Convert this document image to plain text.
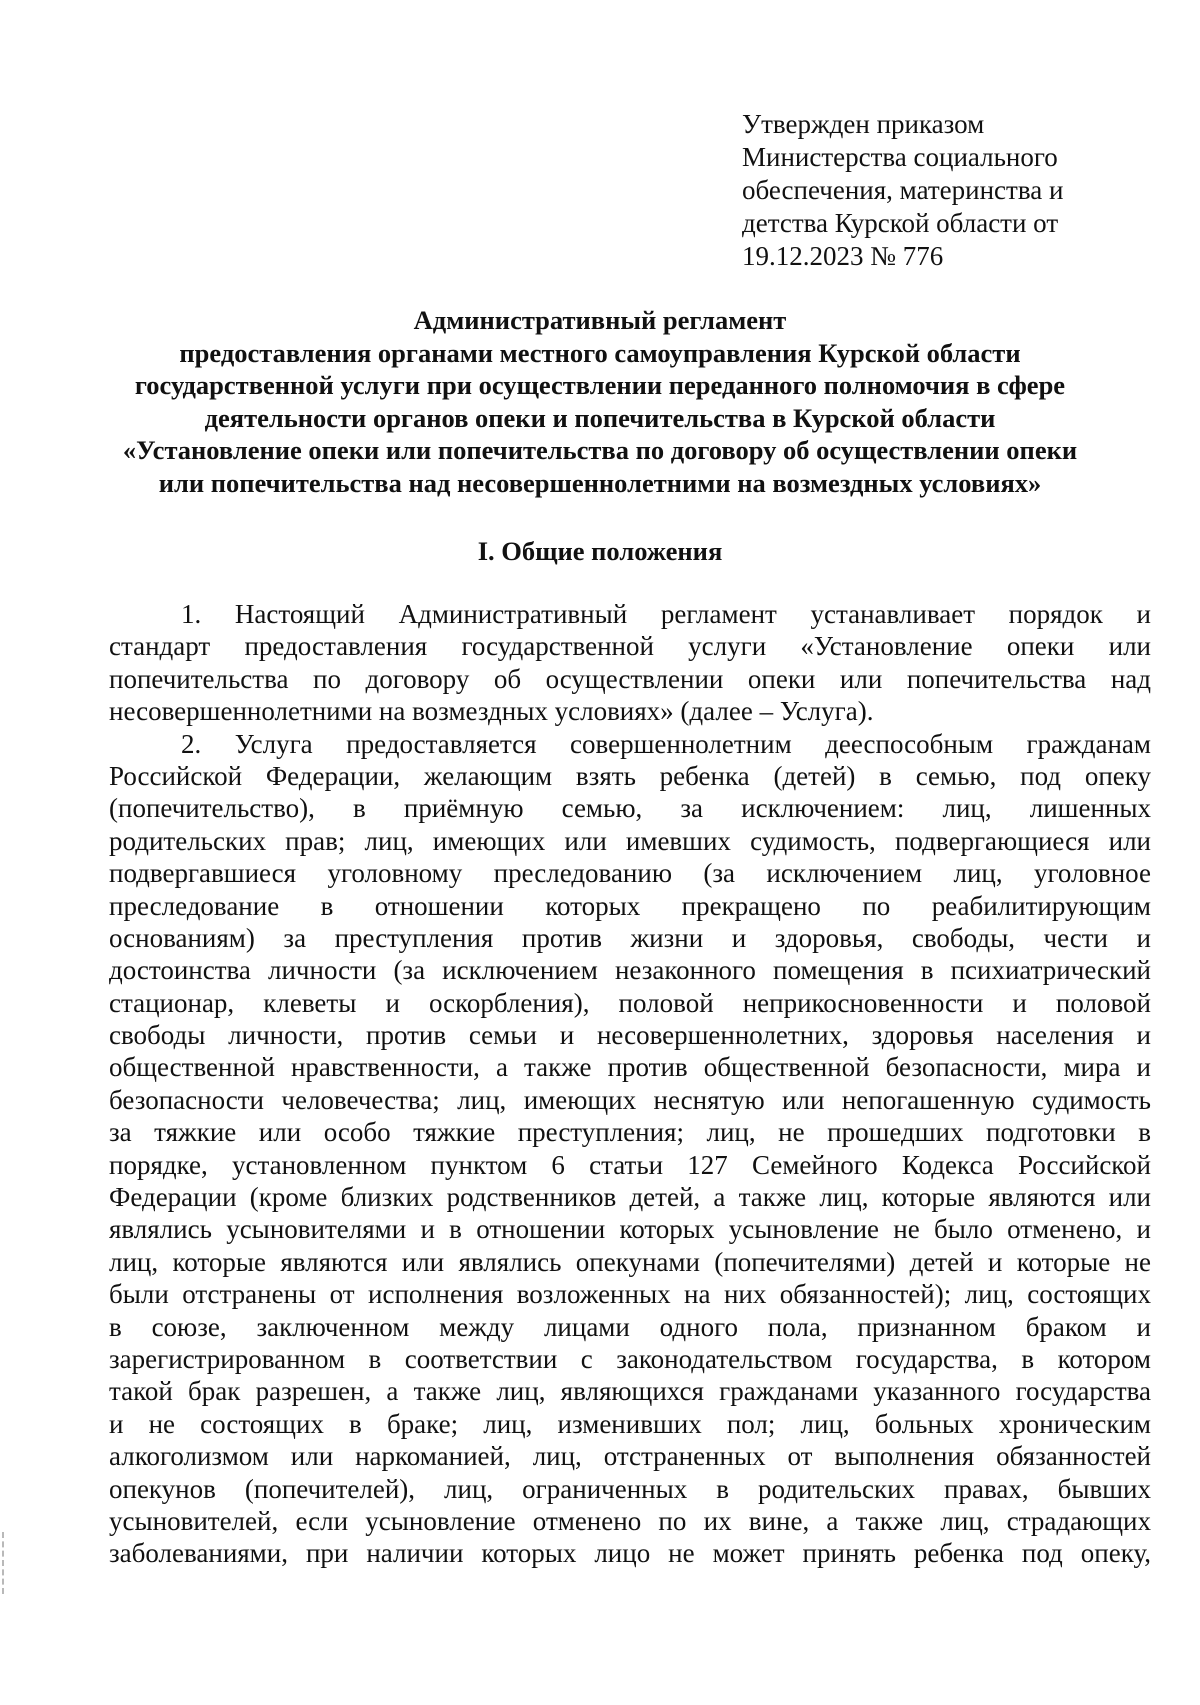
Утвержден приказом
Министерства социального
обеспечения, материнства и
детства Курской области от
19.12.2023 № 776
Административный регламент
предоставления органами местного самоуправления Курской области
государственной услуги при осуществлении переданного полномочия в сфере
деятельности органов опеки и попечительства в Курской области
«Установление опеки или попечительства по договору об осуществлении опеки
или попечительства над несовершеннолетними на возмездных условиях»
I. Общие положения
1. Настоящий Административный регламент устанавливает порядок и
стандарт предоставления государственной услуги «Установление опеки или
попечительства по договору об осуществлении опеки или попечительства над
несовершеннолетними на возмездных условиях» (далее – Услуга).
2. Услуга предоставляется совершеннолетним дееспособным гражданам
Российской Федерации, желающим взять ребенка (детей) в семью, под опеку
(попечительство), в приёмную семью, за исключением: лиц, лишенных
родительских прав; лиц, имеющих или имевших судимость, подвергающиеся или
подвергавшиеся уголовному преследованию (за исключением лиц, уголовное
преследование в отношении которых прекращено по реабилитирующим
основаниям) за преступления против жизни и здоровья, свободы, чести и
достоинства личности (за исключением незаконного помещения в психиатрический
стационар, клеветы и оскорбления), половой неприкосновенности и половой
свободы личности, против семьи и несовершеннолетних, здоровья населения и
общественной нравственности, а также против общественной безопасности, мира и
безопасности человечества; лиц, имеющих неснятую или непогашенную судимость
за тяжкие или особо тяжкие преступления; лиц, не прошедших подготовки в
порядке, установленном пунктом 6 статьи 127 Семейного Кодекса Российской
Федерации (кроме близких родственников детей, а также лиц, которые являются или
являлись усыновителями и в отношении которых усыновление не было отменено, и
лиц, которые являются или являлись опекунами (попечителями) детей и которые не
были отстранены от исполнения возложенных на них обязанностей); лиц, состоящих
в союзе, заключенном между лицами одного пола, признанном браком и
зарегистрированном в соответствии с законодательством государства, в котором
такой брак разрешен, а также лиц, являющихся гражданами указанного государства
и не состоящих в браке; лиц, изменивших пол; лиц, больных хроническим
алкоголизмом или наркоманией, лиц, отстраненных от выполнения обязанностей
опекунов (попечителей), лиц, ограниченных в родительских правах, бывших
усыновителей, если усыновление отменено по их вине, а также лиц, страдающих
заболеваниями, при наличии которых лицо не может принять ребенка под опеку,
